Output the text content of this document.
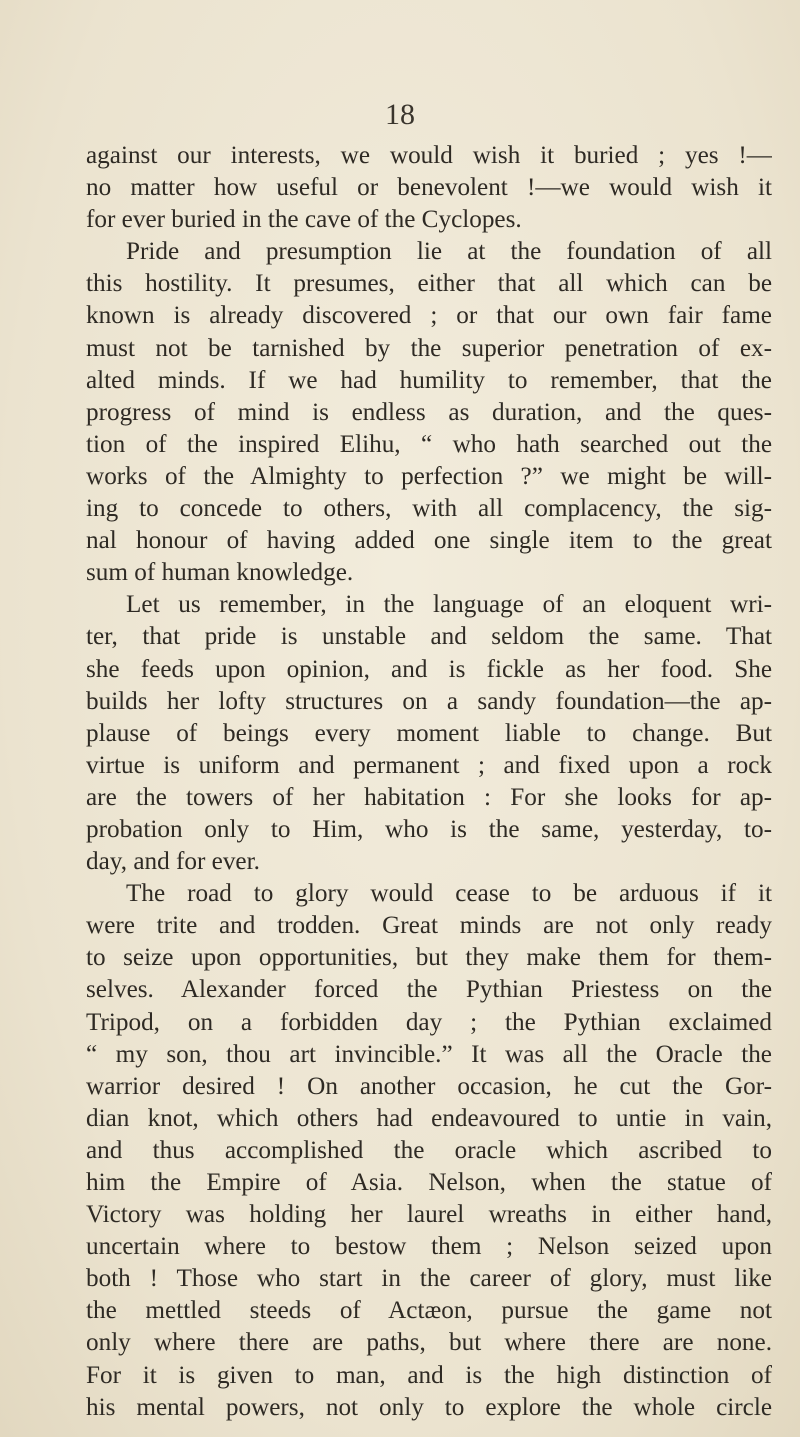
18
against our interests, we would wish it buried ; yes !—
no matter how useful or benevolent !—we would wish it
for ever buried in the cave of the Cyclopes.
Pride and presumption lie at the foundation of all
this hostility. It presumes, either that all which can be
known is already discovered ; or that our own fair fame
must not be tarnished by the superior penetration of ex-
alted minds. If we had humility to remember, that the
progress of mind is endless as duration, and the ques-
tion of the inspired Elihu, “ who hath searched out the
works of the Almighty to perfection ?” we might be will-
ing to concede to others, with all complacency, the sig-
nal honour of having added one single item to the great
sum of human knowledge.
Let us remember, in the language of an eloquent wri-
ter, that pride is unstable and seldom the same. That
she feeds upon opinion, and is fickle as her food. She
builds her lofty structures on a sandy foundation—the ap-
plause of beings every moment liable to change. But
virtue is uniform and permanent ; and fixed upon a rock
are the towers of her habitation : For she looks for ap-
probation only to Him, who is the same, yesterday, to-
day, and for ever.
The road to glory would cease to be arduous if it
were trite and trodden. Great minds are not only ready
to seize upon opportunities, but they make them for them-
selves. Alexander forced the Pythian Priestess on the
Tripod, on a forbidden day ; the Pythian exclaimed
“ my son, thou art invincible.” It was all the Oracle the
warrior desired ! On another occasion, he cut the Gor-
dian knot, which others had endeavoured to untie in vain,
and thus accomplished the oracle which ascribed to
him the Empire of Asia. Nelson, when the statue of
Victory was holding her laurel wreaths in either hand,
uncertain where to bestow them ; Nelson seized upon
both ! Those who start in the career of glory, must like
the mettled steeds of Actæon, pursue the game not
only where there are paths, but where there are none.
For it is given to man, and is the high distinction of
his mental powers, not only to explore the whole circle
